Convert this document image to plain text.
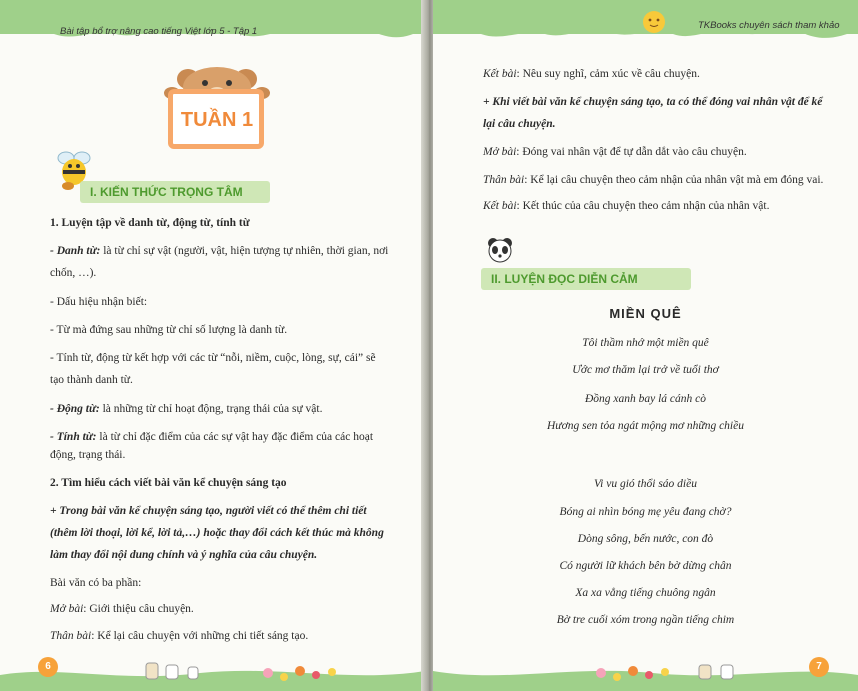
Bài tập bổ trợ nâng cao tiếng Việt lớp 5 - Tập 1
TUẦN 1
I. KIẾN THỨC TRỌNG TÂM
1. Luyện tập về danh từ, động từ, tính từ
- Danh từ: là từ chỉ sự vật (người, vật, hiện tượng tự nhiên, thời gian, nơi
chốn, …).
- Dấu hiệu nhận biết:
- Từ mà đứng sau những từ chỉ số lượng là danh từ.
- Tính từ, động từ kết hợp với các từ “nỗi, niềm, cuộc, lòng, sự, cái” sẽ
tạo thành danh từ.
- Động từ: là những từ chỉ hoạt động, trạng thái của sự vật.
- Tính từ: là từ chỉ đặc điểm của các sự vật hay đặc điểm của các hoạt
động, trạng thái.
2. Tìm hiểu cách viết bài văn kể chuyện sáng tạo
+ Trong bài văn kể chuyện sáng tạo, người viết có thể thêm chi tiết
(thêm lời thoại, lời kể, lời tả,…) hoặc thay đổi cách kết thúc mà không
làm thay đổi nội dung chính và ý nghĩa của câu chuyện.
Bài văn có ba phần:
Mở bài: Giới thiệu câu chuyện.
Thân bài: Kể lại câu chuyện với những chi tiết sáng tạo.
6
TKBooks chuyên sách tham khảo
Kết bài: Nêu suy nghĩ, cảm xúc về câu chuyện.
+ Khi viết bài văn kể chuyện sáng tạo, ta có thể đóng vai nhân vật để kể
lại câu chuyện.
Mở bài: Đóng vai nhân vật để tự dẫn dắt vào câu chuyện.
Thân bài: Kể lại câu chuyện theo cảm nhận của nhân vật mà em đóng vai.
Kết bài: Kết thúc của câu chuyện theo cảm nhận của nhân vật.
II. LUYỆN ĐỌC DIỄN CẢM
MIỀN QUÊ
Tôi thầm nhớ một miền quê
Ước mơ thăm lại trở về tuổi thơ
Đồng xanh bay lá cánh cò
Hương sen tỏa ngát mộng mơ những chiều
Vi vu gió thổi sáo diều
Bóng ai nhìn bóng mẹ yêu đang chờ?
Dòng sông, bến nước, con đò
Có người lữ khách bên bờ dừng chân
Xa xa vẳng tiếng chuông ngân
Bờ tre cuối xóm trong ngần tiếng chim
7
